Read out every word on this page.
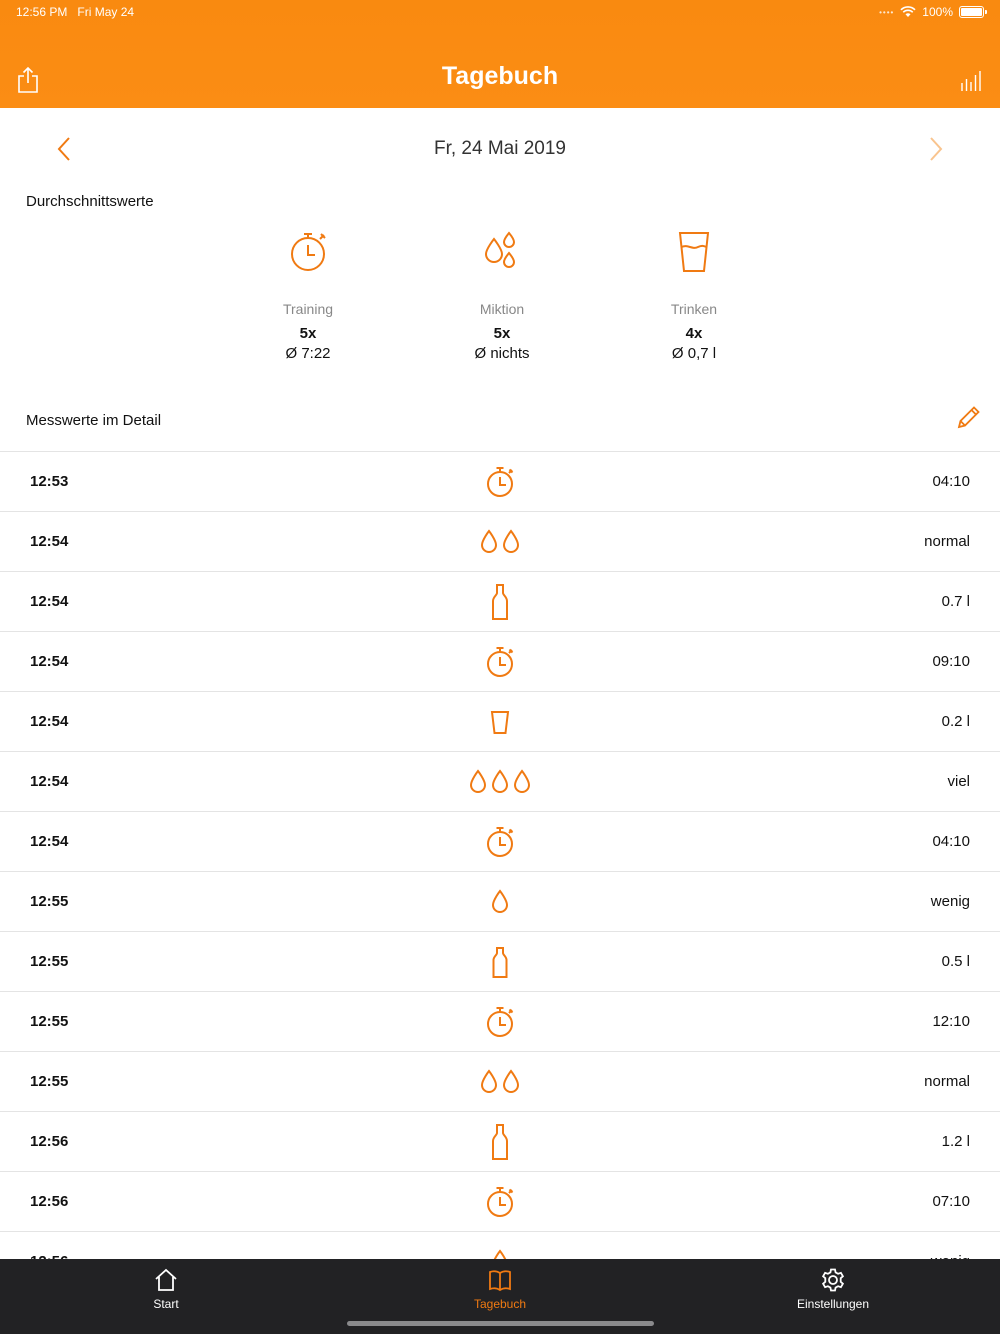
12:56 PM Fri May 24	•••• 100%
Tagebuch
Fr, 24 Mai 2019
Durchschnittswerte
Training
5x
Ø 7:22
Miktion
5x
Ø nichts
Trinken
4x
Ø 0,7 l
Messwerte im Detail
12:53	04:10
12:54	normal
12:54	0.7 l
12:54	09:10
12:54	0.2 l
12:54	viel
12:54	04:10
12:55	wenig
12:55	0.5 l
12:55	12:10
12:55	normal
12:56	1.2 l
12:56	07:10
Start	Tagebuch	Einstellungen
